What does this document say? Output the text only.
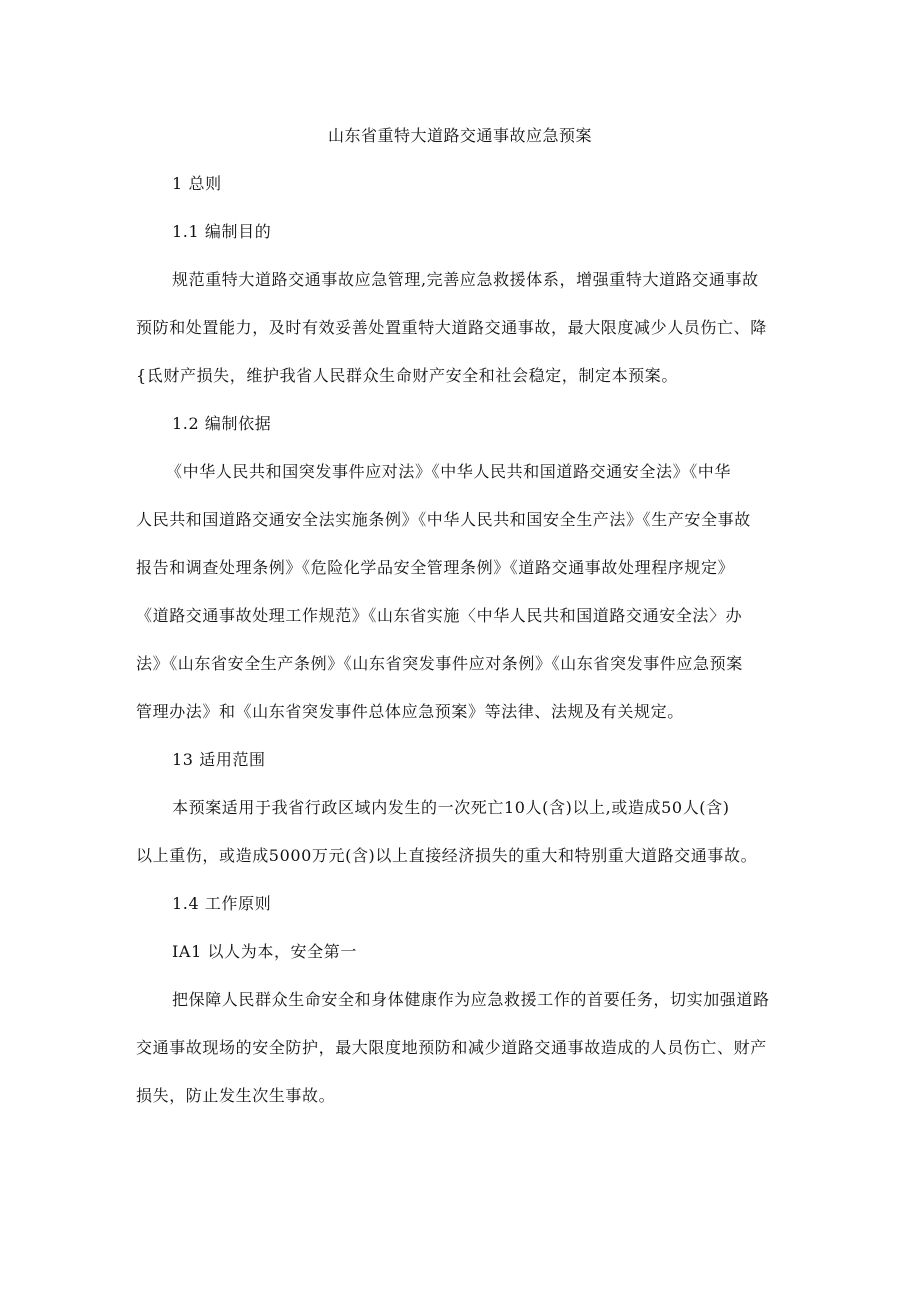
山东省重特大道路交通事故应急预案
1 总则
1.1 编制目的
规范重特大道路交通事故应急管理,完善应急救援体系，增强重特大道路交通事故
预防和处置能力，及时有效妥善处置重特大道路交通事故，最大限度减少人员伤亡、降
{氐财产损失，维护我省人民群众生命财产安全和社会稳定，制定本预案。
1.2 编制依据
《中华人民共和国突发事件应对法》《中华人民共和国道路交通安全法》《中华
人民共和国道路交通安全法实施条例》《中华人民共和国安全生产法》《生产安全事故
报告和调查处理条例》《危险化学品安全管理条例》《道路交通事故处理程序规定》
《道路交通事故处理工作规范》《山东省实施〈中华人民共和国道路交通安全法〉办
法》《山东省安全生产条例》《山东省突发事件应对条例》《山东省突发事件应急预案
管理办法》和《山东省突发事件总体应急预案》等法律、法规及有关规定。
13 适用范围
本预案适用于我省行政区域内发生的一次死亡10人(含)以上,或造成50人(含)
以上重伤，或造成5000万元(含)以上直接经济损失的重大和特别重大道路交通事故。
1.4 工作原则
IA1 以人为本，安全第一
把保障人民群众生命安全和身体健康作为应急救援工作的首要任务，切实加强道路
交通事故现场的安全防护，最大限度地预防和减少道路交通事故造成的人员伤亡、财产
损失，防止发生次生事故。
